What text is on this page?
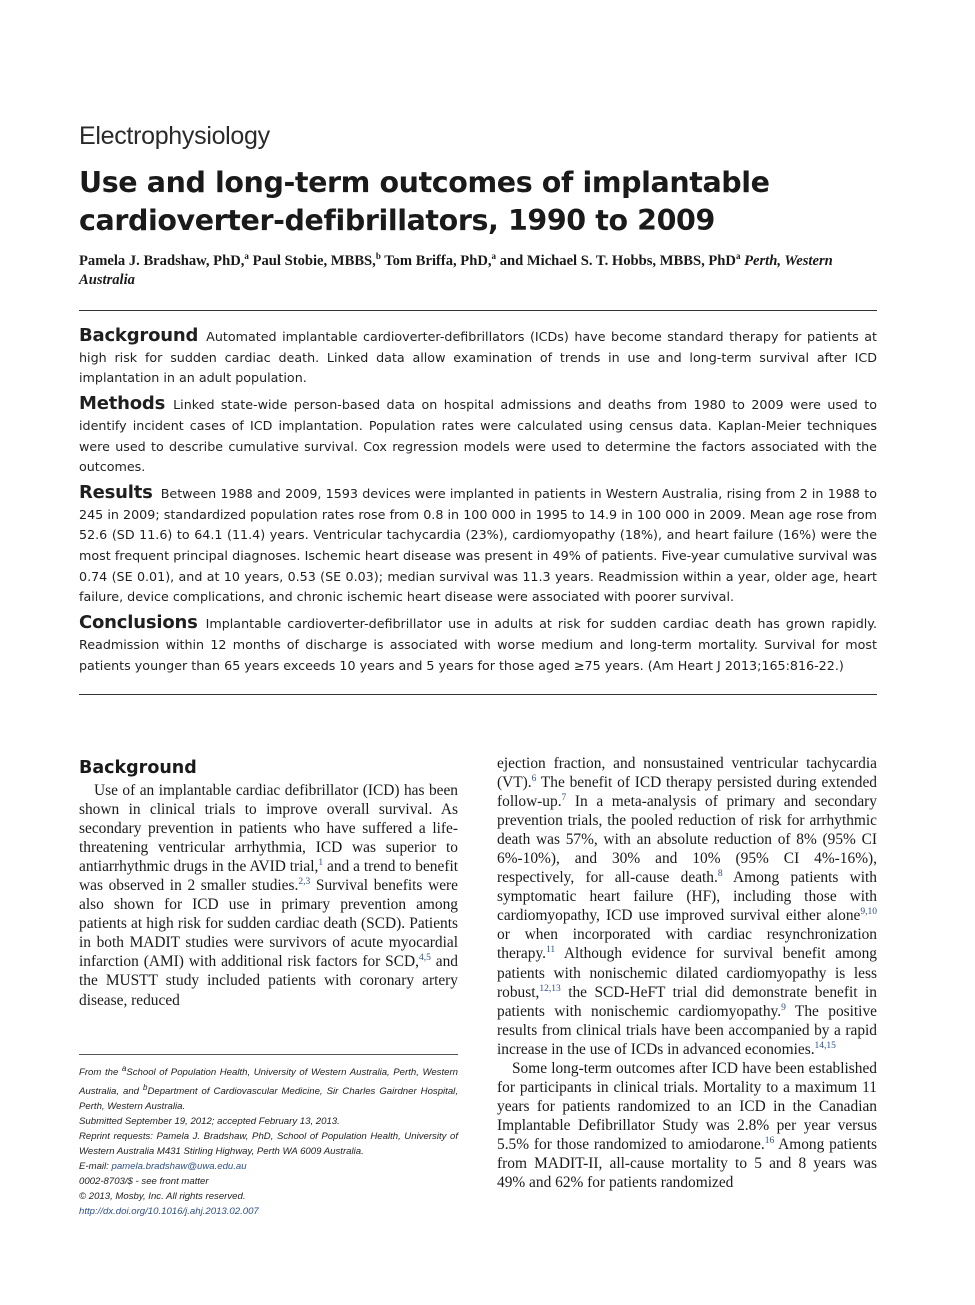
Electrophysiology
Use and long-term outcomes of implantable cardioverter-defibrillators, 1990 to 2009
Pamela J. Bradshaw, PhD,$^a$ Paul Stobie, MBBS,$^b$ Tom Briffa, PhD,$^a$ and Michael S. T. Hobbs, MBBS, PhD$^a$ Perth, Western Australia

Background Automated implantable cardioverter-defibrillators (ICDs) have become standard therapy for patients at high risk for sudden cardiac death. Linked data allow examination of trends in use and long-term survival after ICD implantation in an adult population.

Methods Linked state-wide person-based data on hospital admissions and deaths from 1980 to 2009 were used to identify incident cases of ICD implantation. Population rates were calculated using census data. Kaplan-Meier techniques were used to describe cumulative survival. Cox regression models were used to determine the factors associated with the outcomes.

Results Between 1988 and 2009, 1593 devices were implanted in patients in Western Australia, rising from 2 in 1988 to 245 in 2009; standardized population rates rose from 0.8 in 100 000 in 1995 to 14.9 in 100 000 in 2009. Mean age rose from 52.6 (SD 11.6) to 64.1 (11.4) years. Ventricular tachycardia (23%), cardiomyopathy (18%), and heart failure (16%) were the most frequent principal diagnoses. Ischemic heart disease was present in 49% of patients. Five-year cumulative survival was 0.74 (SE 0.01), and at 10 years, 0.53 (SE 0.03); median survival was 11.3 years. Readmission within a year, older age, heart failure, device complications, and chronic ischemic heart disease were associated with poorer survival.

Conclusions Implantable cardioverter-defibrillator use in adults at risk for sudden cardiac death has grown rapidly. Readmission within 12 months of discharge is associated with worse medium and long-term mortality. Survival for most patients younger than 65 years exceeds 10 years and 5 years for those aged ≥75 years. (Am Heart J 2013;165:816-22.)

Background

Use of an implantable cardiac defibrillator (ICD) has been shown in clinical trials to improve overall survival. As secondary prevention in patients who have suffered a life-threatening ventricular arrhythmia, ICD was superior to antiarrhythmic drugs in the AVID trial,$^1$ and a trend to benefit was observed in 2 smaller studies.$^{2,3}$ Survival benefits were also shown for ICD use in primary prevention among patients at high risk for sudden cardiac death (SCD). Patients in both MADIT studies were survivors of acute myocardial infarction (AMI) with additional risk factors for SCD,$^{4,5}$ and the MUSTT study included patients with coronary artery disease, reduced

From the $^a$School of Population Health, University of Western Australia, Perth, Western Australia, and $^b$Department of Cardiovascular Medicine, Sir Charles Gairdner Hospital, Perth, Western Australia.

Submitted September 19, 2012; accepted February 13, 2013.

Reprint requests: Pamela J. Bradshaw, PhD, School of Population Health, University of Western Australia M431 Stirling Highway, Perth WA 6009 Australia.

E-mail: pamela.bradshaw@uwa.edu.au

0002-8703/$ - see front matter

© 2013, Mosby, Inc. All rights reserved.

http://dx.doi.org/10.1016/j.ahj.2013.02.007

ejection fraction, and nonsustained ventricular tachycardia (VT).$^6$ The benefit of ICD therapy persisted during extended follow-up.$^7$ In a meta-analysis of primary and secondary prevention trials, the pooled reduction of risk for arrhythmic death was 57%, with an absolute reduction of 8% (95% CI 6%-10%), and 30% and 10% (95% CI 4%-16%), respectively, for all-cause death.$^8$ Among patients with symptomatic heart failure (HF), including those with cardiomyopathy, ICD use improved survival either alone$^{9,10}$ or when incorporated with cardiac resynchronization therapy.$^{11}$ Although evidence for survival benefit among patients with nonischemic dilated cardiomyopathy is less robust,$^{12,13}$ the SCD-HeFT trial did demonstrate benefit in patients with nonischemic cardiomyopathy.$^9$ The positive results from clinical trials have been accompanied by a rapid increase in the use of ICDs in advanced economies.$^{14,15}$

Some long-term outcomes after ICD have been established for participants in clinical trials. Mortality to a maximum 11 years for patients randomized to an ICD in the Canadian Implantable Defibrillator Study was 2.8% per year versus 5.5% for those randomized to amiodarone.$^{16}$ Among patients from MADIT-II, all-cause mortality to 5 and 8 years was 49% and 62% for patients randomized
